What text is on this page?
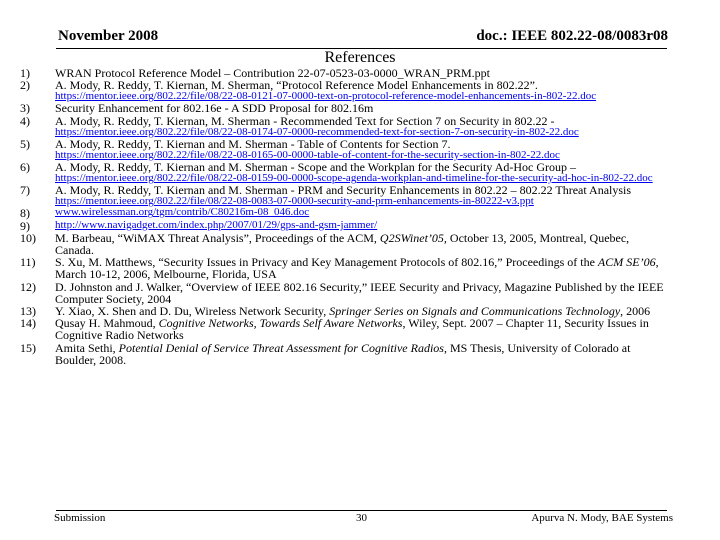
November 2008	doc.: IEEE 802.22-08/0083r08
References
1)	WRAN Protocol Reference Model – Contribution 22-07-0523-03-0000_WRAN_PRM.ppt
2)	A. Mody, R. Reddy, T. Kiernan, M. Sherman, “Protocol Reference Model Enhancements in 802.22”.
https://mentor.ieee.org/802.22/file/08/22-08-0121-07-0000-text-on-protocol-reference-model-enhancements-in-802-22.doc
3)	Security Enhancement for 802.16e - A SDD Proposal for 802.16m
4)	A. Mody, R. Reddy, T. Kiernan, M. Sherman - Recommended Text for Section 7 on Security in 802.22 -
https://mentor.ieee.org/802.22/file/08/22-08-0174-07-0000-recommended-text-for-section-7-on-security-in-802-22.doc
5)	A. Mody, R. Reddy, T. Kiernan and M. Sherman - Table of Contents for Section 7.
https://mentor.ieee.org/802.22/file/08/22-08-0165-00-0000-table-of-content-for-the-security-section-in-802-22.doc
6)	A. Mody, R. Reddy, T. Kiernan and M. Sherman - Scope and the Workplan for the Security Ad-Hoc Group –
https://mentor.ieee.org/802.22/file/08/22-08-0159-00-0000-scope-agenda-workplan-and-timeline-for-the-security-ad-hoc-in-802-22.doc
7)	A. Mody, R. Reddy, T. Kiernan and M. Sherman - PRM and Security Enhancements in 802.22 – 802.22 Threat Analysis
https://mentor.ieee.org/802.22/file/08/22-08-0083-07-0000-security-and-prm-enhancements-in-80222-v3.ppt
8)	www.wirelessman.org/tgm/contrib/C80216m-08_046.doc
9)	http://www.navigadget.com/index.php/2007/01/29/gps-and-gsm-jammer/
10)	M. Barbeau, “WiMAX Threat Analysis”, Proceedings of the ACM, Q2SWinet’05, October 13, 2005, Montreal, Quebec, Canada.
11)	S. Xu, M. Matthews, “Security Issues in Privacy and Key Management Protocols of 802.16,” Proceedings of the ACM SE’06, March 10-12, 2006, Melbourne, Florida, USA
12)	D. Johnston and J. Walker, “Overview of IEEE 802.16 Security,” IEEE Security and Privacy, Magazine Published by the IEEE Computer Society, 2004
13)	Y. Xiao, X. Shen and D. Du, Wireless Network Security, Springer Series on Signals and Communications Technology, 2006
14)	Qusay H. Mahmoud, Cognitive Networks, Towards Self Aware Networks, Wiley, Sept. 2007 – Chapter 11, Security Issues in Cognitive Radio Networks
15)	Amita Sethi, Potential Denial of Service Threat Assessment for Cognitive Radios, MS Thesis, University of Colorado at Boulder, 2008.
Submission	30	Apurva N. Mody, BAE Systems
